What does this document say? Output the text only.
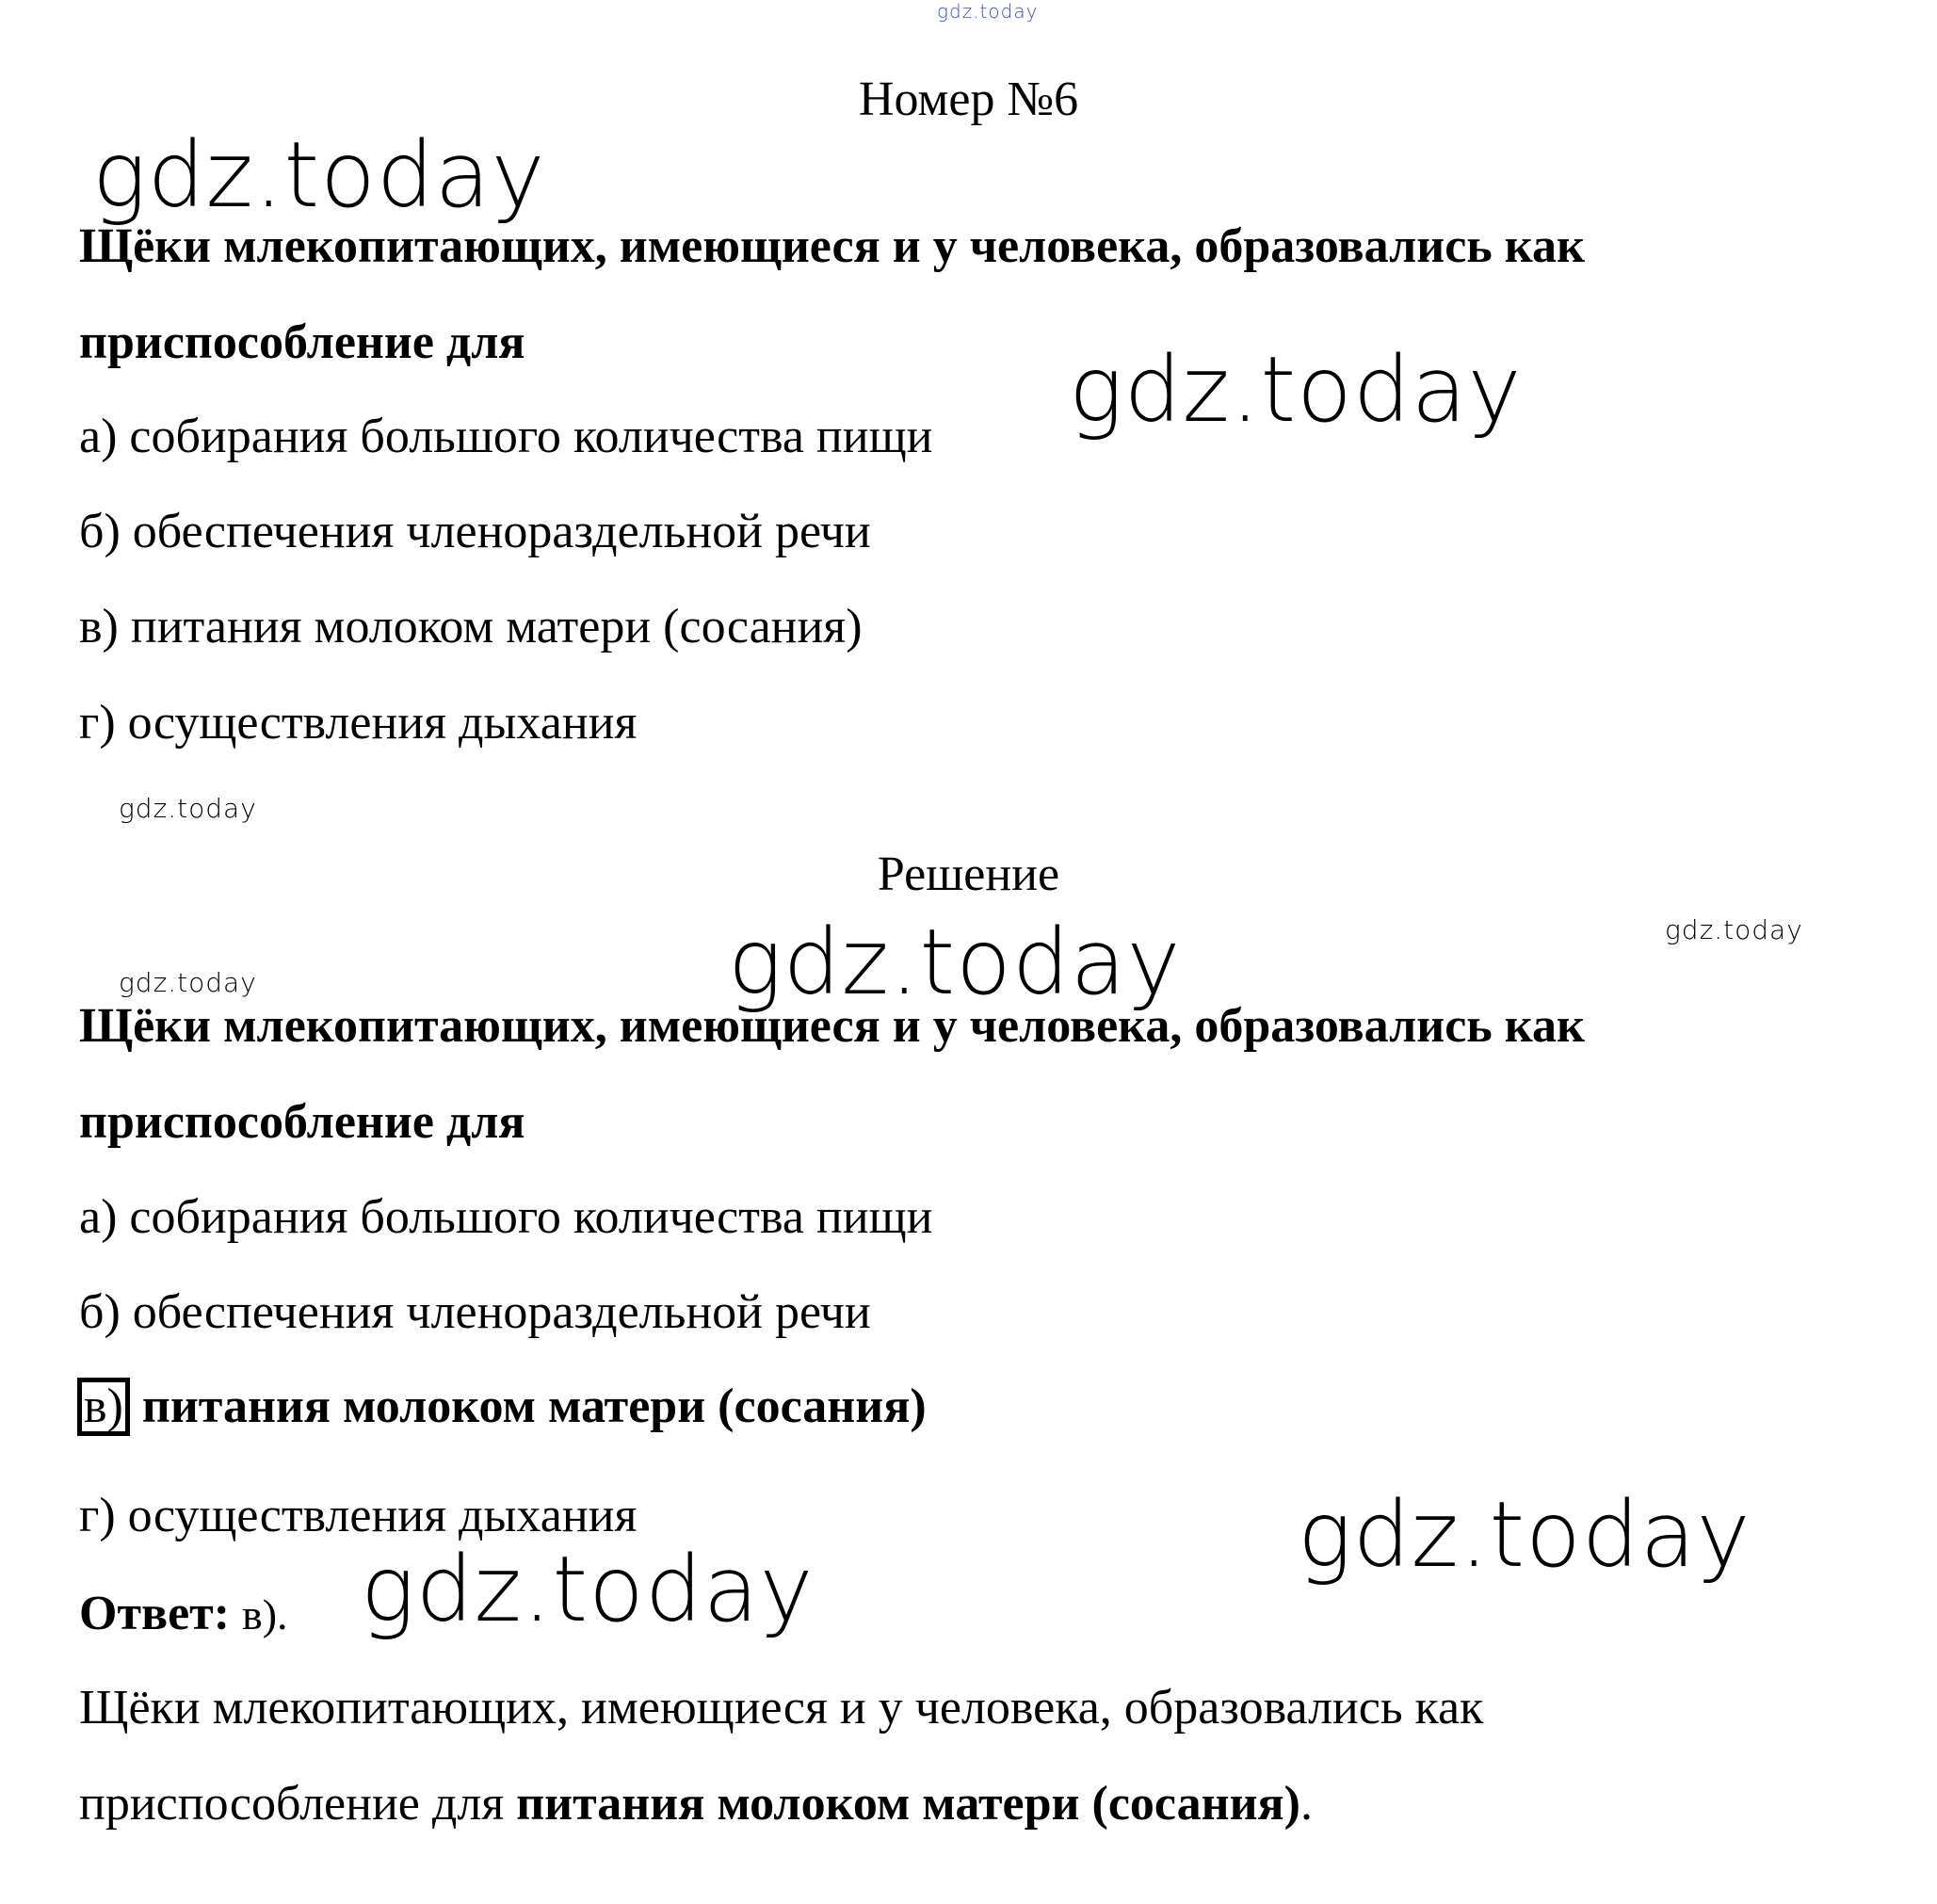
gdz.today
gdz.today
gdz.today
gdz.today
gdz.today
gdz.today
gdz.today
gdz.today
gdz.today
Номер №6
Щёки млекопитающих, имеющиеся и у человека, образовались как
приспособление для
а) собирания большого количества пищи
б) обеспечения членораздельной речи
в) питания молоком матери (сосания)
г) осуществления дыхания
Решение
Щёки млекопитающих, имеющиеся и у человека, образовались как
приспособление для
а) собирания большого количества пищи
б) обеспечения членораздельной речи
в) питания молоком матери (сосания)
г) осуществления дыхания
Ответ: в).
Щёки млекопитающих, имеющиеся и у человека, образовались как
приспособление для питания молоком матери (сосания).
